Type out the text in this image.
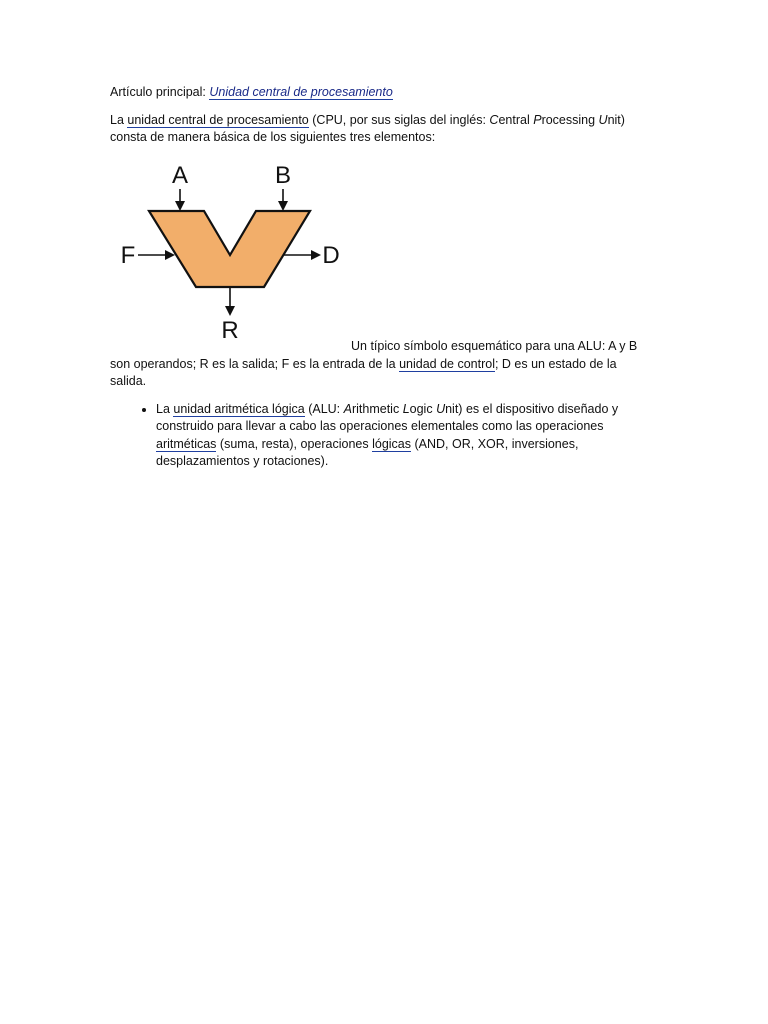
Artículo principal: Unidad central de procesamiento

La unidad central de procesamiento (CPU, por sus siglas del inglés: Central Processing Unit)
consta de manera básica de los siguientes tres elementos:

A	B
F	D
R
Un típico símbolo esquemático para una ALU: A y B

son operandos; R es la salida; F es la entrada de la unidad de control; D es un estado de la salida.

• La unidad aritmética lógica (ALU: Arithmetic Logic Unit) es el dispositivo diseñado y construido para llevar a cabo las operaciones elementales como las operaciones aritméticas (suma, resta), operaciones lógicas (AND, OR, XOR, inversiones, desplazamientos y rotaciones).
